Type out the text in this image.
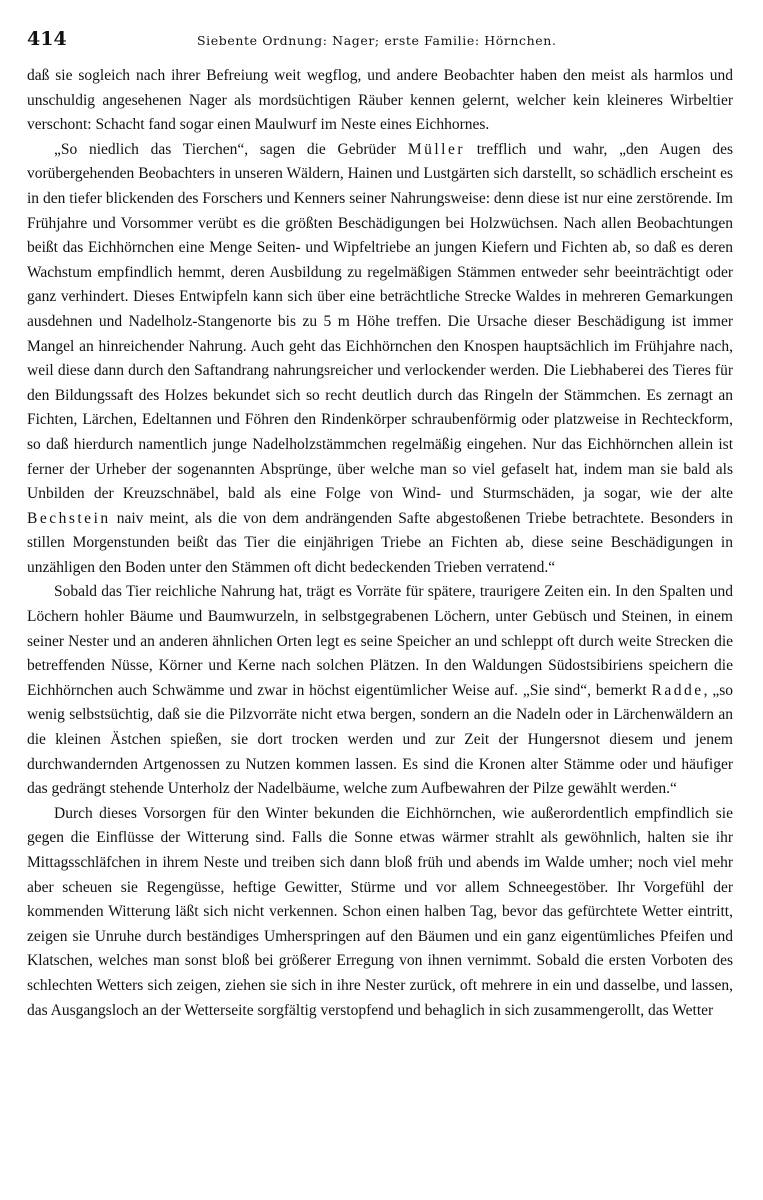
414	Siebente Ordnung: Nager; erste Familie: Hörnchen.

daß sie sogleich nach ihrer Befreiung weit wegflog, und andere Beobachter haben den meist als harmlos und unschuldig angesehenen Nager als mordsüchtigen Räuber kennen gelernt, welcher kein kleineres Wirbeltier verschont: Schacht fand sogar einen Maulwurf im Neste eines Eichhornes.

„So niedlich das Tierchen“, sagen die Gebrüder Müller trefflich und wahr, „den Augen des vorübergehenden Beobachters in unseren Wäldern, Hainen und Lustgärten sich darstellt, so schädlich erscheint es in den tiefer blickenden des Forschers und Kenners seiner Nahrungsweise: denn diese ist nur eine zerstörende. Im Frühjahre und Vorsommer verübt es die größten Beschädigungen bei Holzwüchsen. Nach allen Beobachtungen beißt das Eichhörnchen eine Menge Seiten- und Wipfeltriebe an jungen Kiefern und Fichten ab, so daß es deren Wachstum empfindlich hemmt, deren Ausbildung zu regelmäßigen Stämmen entweder sehr beeinträchtigt oder ganz verhindert. Dieses Entwipfeln kann sich über eine beträchtliche Strecke Waldes in mehreren Gemarkungen ausdehnen und Nadelholz-Stangenorte bis zu 5 m Höhe treffen. Die Ursache dieser Beschädigung ist immer Mangel an hinreichender Nahrung. Auch geht das Eichhörnchen den Knospen hauptsächlich im Frühjahre nach, weil diese dann durch den Saftandrang nahrungsreicher und verlockender werden. Die Liebhaberei des Tieres für den Bildungssaft des Holzes bekundet sich so recht deutlich durch das Ringeln der Stämmchen. Es zernagt an Fichten, Lärchen, Edeltannen und Föhren den Rindenkörper schraubenförmig oder platzweise in Rechteckform, so daß hierdurch namentlich junge Nadelholzstämmchen regelmäßig eingehen. Nur das Eichhörnchen allein ist ferner der Urheber der sogenannten Absprünge, über welche man so viel gefaselt hat, indem man sie bald als Unbilden der Kreuzschnäbel, bald als eine Folge von Wind- und Sturmschäden, ja sogar, wie der alte Bechstein naiv meint, als die von dem andrängenden Safte abgestoßenen Triebe betrachtete. Besonders in stillen Morgenstunden beißt das Tier die einjährigen Triebe an Fichten ab, diese seine Beschädigungen in unzähligen den Boden unter den Stämmen oft dicht bedeckenden Trieben verratend.“

Sobald das Tier reichliche Nahrung hat, trägt es Vorräte für spätere, traurigere Zeiten ein. In den Spalten und Löchern hohler Bäume und Baumwurzeln, in selbstgegrabenen Löchern, unter Gebüsch und Steinen, in einem seiner Nester und an anderen ähnlichen Orten legt es seine Speicher an und schleppt oft durch weite Strecken die betreffenden Nüsse, Körner und Kerne nach solchen Plätzen. In den Waldungen Südostsibiriens speichern die Eichhörnchen auch Schwämme und zwar in höchst eigentümlicher Weise auf. „Sie sind“, bemerkt Radde, „so wenig selbstsüchtig, daß sie die Pilzvorräte nicht etwa bergen, sondern an die Nadeln oder in Lärchenwäldern an die kleinen Ästchen spießen, sie dort trocken werden und zur Zeit der Hungersnot diesem und jenem durchwandernden Artgenossen zu Nutzen kommen lassen. Es sind die Kronen alter Stämme oder und häufiger das gedrängt stehende Unterholz der Nadelbäume, welche zum Aufbewahren der Pilze gewählt werden.“

Durch dieses Vorsorgen für den Winter bekunden die Eichhörnchen, wie außerordentlich empfindlich sie gegen die Einflüsse der Witterung sind. Falls die Sonne etwas wärmer strahlt als gewöhnlich, halten sie ihr Mittagsschläfchen in ihrem Neste und treiben sich dann bloß früh und abends im Walde umher; noch viel mehr aber scheuen sie Regengüsse, heftige Gewitter, Stürme und vor allem Schneegestöber. Ihr Vorgefühl der kommenden Witterung läßt sich nicht verkennen. Schon einen halben Tag, bevor das gefürchtete Wetter eintritt, zeigen sie Unruhe durch beständiges Umherspringen auf den Bäumen und ein ganz eigentümliches Pfeifen und Klatschen, welches man sonst bloß bei größerer Erregung von ihnen vernimmt. Sobald die ersten Vorboten des schlechten Wetters sich zeigen, ziehen sie sich in ihre Nester zurück, oft mehrere in ein und dasselbe, und lassen, das Ausgangsloch an der Wetterseite sorgfältig verstopfend und behaglich in sich zusammengerollt, das Wetter
